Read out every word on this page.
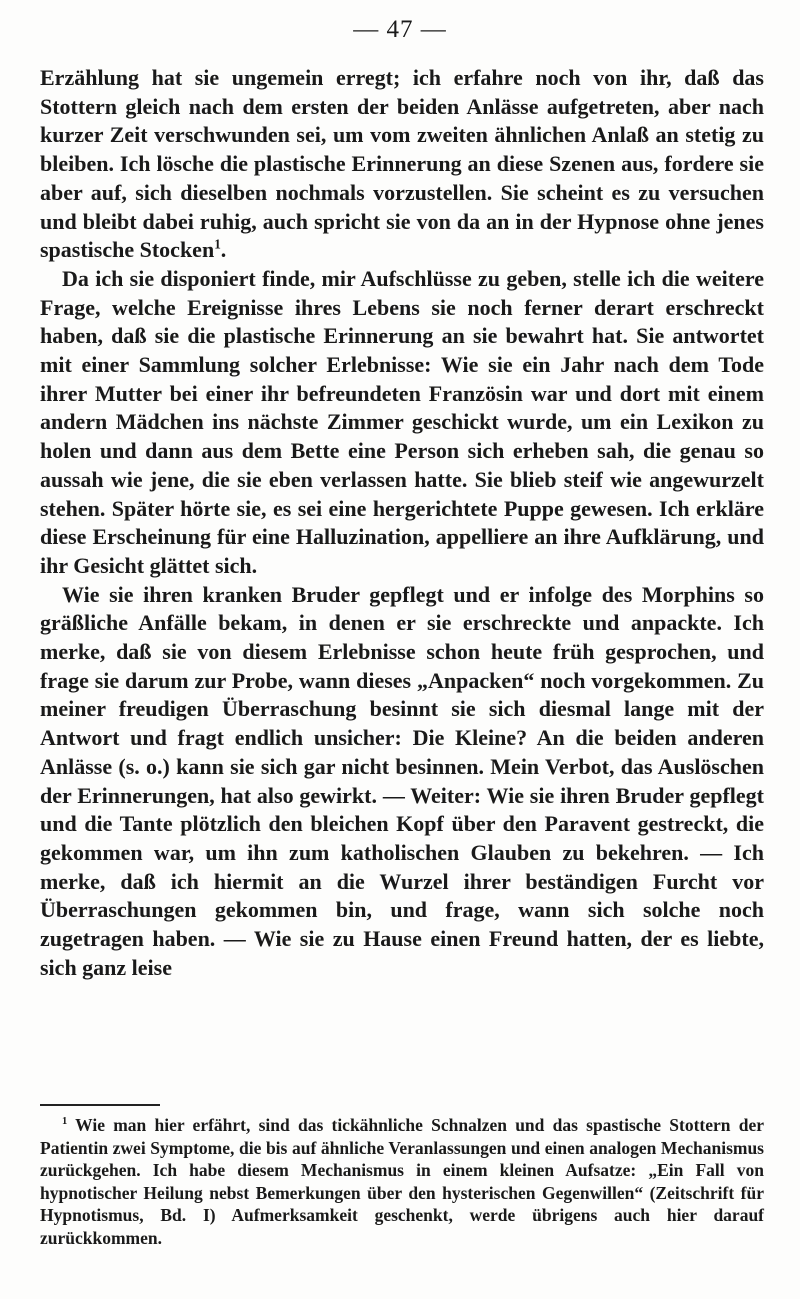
— 47 —

Erzählung hat sie ungemein erregt; ich erfahre noch von ihr, daß das Stottern gleich nach dem ersten der beiden Anlässe aufgetreten, aber nach kurzer Zeit verschwunden sei, um vom zweiten ähnlichen Anlaß an stetig zu bleiben. Ich lösche die plastische Erinnerung an diese Szenen aus, fordere sie aber auf, sich dieselben nochmals vorzustellen. Sie scheint es zu versuchen und bleibt dabei ruhig, auch spricht sie von da an in der Hypnose ohne jenes spastische Stocken$^1$.

Da ich sie disponiert finde, mir Aufschlüsse zu geben, stelle ich die weitere Frage, welche Ereignisse ihres Lebens sie noch ferner derart erschreckt haben, daß sie die plastische Erinnerung an sie bewahrt hat. Sie antwortet mit einer Sammlung solcher Erlebnisse: Wie sie ein Jahr nach dem Tode ihrer Mutter bei einer ihr befreundeten Französin war und dort mit einem andern Mädchen ins nächste Zimmer geschickt wurde, um ein Lexikon zu holen und dann aus dem Bette eine Person sich erheben sah, die genau so aussah wie jene, die sie eben verlassen hatte. Sie blieb steif wie angewurzelt stehen. Später hörte sie, es sei eine hergerichtete Puppe gewesen. Ich erkläre diese Erscheinung für eine Halluzination, appelliere an ihre Aufklärung, und ihr Gesicht glättet sich.

Wie sie ihren kranken Bruder gepflegt und er infolge des Morphins so gräßliche Anfälle bekam, in denen er sie erschreckte und anpackte. Ich merke, daß sie von diesem Erlebnisse schon heute früh gesprochen, und frage sie darum zur Probe, wann dieses „Anpacken“ noch vorgekommen. Zu meiner freudigen Überraschung besinnt sie sich diesmal lange mit der Antwort und fragt endlich unsicher: Die Kleine? An die beiden anderen Anlässe (s. o.) kann sie sich gar nicht besinnen. Mein Verbot, das Auslöschen der Erinnerungen, hat also gewirkt. — Weiter: Wie sie ihren Bruder gepflegt und die Tante plötzlich den bleichen Kopf über den Paravent gestreckt, die gekommen war, um ihn zum katholischen Glauben zu bekehren. — Ich merke, daß ich hiermit an die Wurzel ihrer beständigen Furcht vor Überraschungen gekommen bin, und frage, wann sich solche noch zugetragen haben. — Wie sie zu Hause einen Freund hatten, der es liebte, sich ganz leise

$^1$ Wie man hier erfährt, sind das tickähnliche Schnalzen und das spastische Stottern der Patientin zwei Symptome, die bis auf ähnliche Veranlassungen und einen analogen Mechanismus zurückgehen. Ich habe diesem Mechanismus in einem kleinen Aufsatze: „Ein Fall von hypnotischer Heilung nebst Bemerkungen über den hysterischen Gegenwillen“ (Zeitschrift für Hypnotismus, Bd. I) Aufmerksamkeit geschenkt, werde übrigens auch hier darauf zurückkommen.
